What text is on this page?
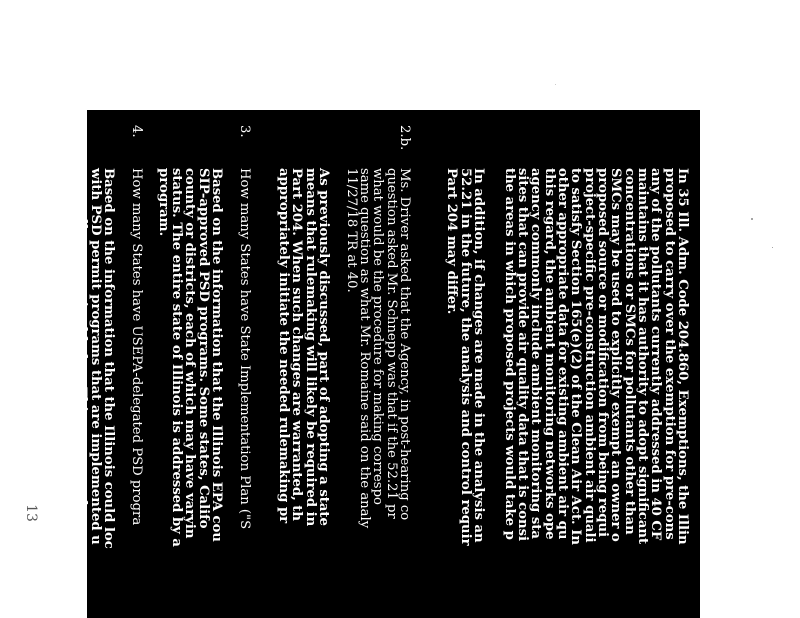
In 35 Ill. Adm. Code 204.860, Exemptions, the Illin
proposed to carry over the exemption for pre-cons
any of the pollutants currently addressed in 40 CF
maintains that it has authority to adopt significant
concentrations or SMCs for pollutants other than
SMCs may be used to explicitly exempt an owner o
proposed source or modification from being requi
project-specific pre-construction ambient air quali
to satisfy Section 165(e)(2) of the Clean Air Act. In
other appropriate data for existing ambient air qu
this regard, the ambient monitoring networks ope
agency commonly include ambient monitoring sta
sites that can provide air quality data that is consi
the areas in which proposed projects would take p
In addition, if changes are made in the analysis an
52.21 in the future, the analysis and control requir
Part 204 may differ.
2.b.
Ms. Driver asked that the Agency, in post-hearing co
question asked Mr. Schnepp was that if the 52.21 pr
what would be the procedure for making correspo
same question as what Mr. Romaine said on the analy
11/27/18 TR at 40.
As previously discussed, part of adopting a state
means that rulemaking will likely be required in
Part 204. When such changes are warranted, th
appropriately initiate the needed rulemaking pr
3.
How many States have State Implementation Plan ("S
Based on the information that the Illinois EPA cou
SIP-approved PSD programs. Some states, Califo
county or districts, each of which may have varyin
status. The entire state of Illinois is addressed by a
program.
4.
How many States have USEPA-delegated PSD progra
Based on the information that the Illinois could loc
with PSD permit programs that are implemented u
generally summarized below. This summary does n
that are considered Indian Country, for which USE
for PSD.
13
